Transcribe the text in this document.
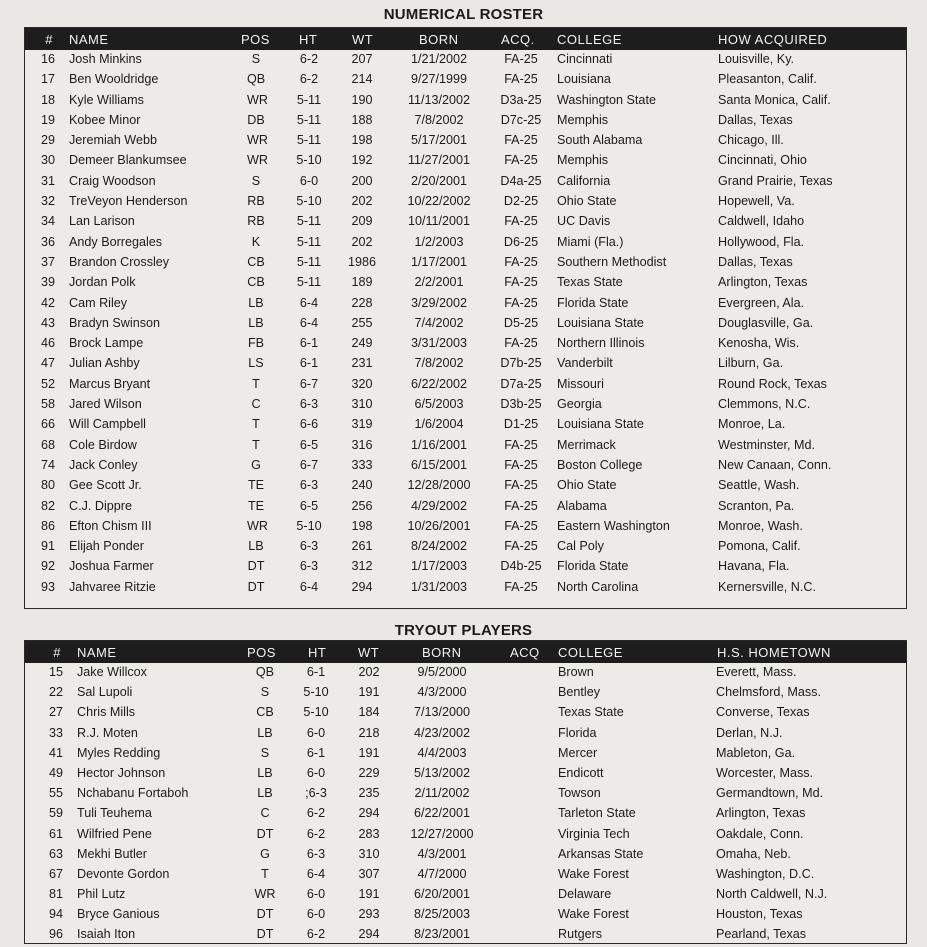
NUMERICAL ROSTER
# NAME	POS HT	WT	BORN	ACQ. COLLEGE	HOW ACQUIRED
16 Josh Minkins	S	6-2	207	1/21/2002	FA-25	Cincinnati	Louisville, Ky.
17 Ben Wooldridge	QB	6-2	214	9/27/1999	FA-25	Louisiana	Pleasanton, Calif.
18 Kyle Williams	WR	5-11	190	11/13/2002	D3a-25	Washington State	Santa Monica, Calif.
19 Kobee Minor	DB	5-11	188	7/8/2002	D7c-25	Memphis	Dallas, Texas
29 Jeremiah Webb	WR	5-11	198	5/17/2001	FA-25	South Alabama	Chicago, Ill.
30 Demeer Blankumsee	WR	5-10	192	11/27/2001	FA-25	Memphis	Cincinnati, Ohio
31 Craig Woodson	S	6-0	200	2/20/2001	D4a-25	California	Grand Prairie, Texas
32 TreVeyon Henderson	RB	5-10	202	10/22/2002	D2-25	Ohio State	Hopewell, Va.
34 Lan Larison	RB	5-11	209	10/11/2001	FA-25	UC Davis	Caldwell, Idaho
36 Andy Borregales	K	5-11	202	1/2/2003	D6-25	Miami (Fla.)	Hollywood, Fla.
37 Brandon Crossley	CB	5-11	1986	1/17/2001	FA-25	Southern Methodist	Dallas, Texas
39 Jordan Polk	CB	5-11	189	2/2/2001	FA-25	Texas State	Arlington, Texas
42 Cam Riley	LB	6-4	228	3/29/2002	FA-25	Florida State	Evergreen, Ala.
43 Bradyn Swinson	LB	6-4	255	7/4/2002	D5-25	Louisiana State	Douglasville, Ga.
46 Brock Lampe	FB	6-1	249	3/31/2003	FA-25	Northern Illinois	Kenosha, Wis.
47 Julian Ashby	LS	6-1	231	7/8/2002	D7b-25	Vanderbilt	Lilburn, Ga.
52 Marcus Bryant	T	6-7	320	6/22/2002	D7a-25	Missouri	Round Rock, Texas
58 Jared Wilson	C	6-3	310	6/5/2003	D3b-25	Georgia	Clemmons, N.C.
66 Will Campbell	T	6-6	319	1/6/2004	D1-25	Louisiana State	Monroe, La.
68 Cole Birdow	T	6-5	316	1/16/2001	FA-25	Merrimack	Westminster, Md.
74 Jack Conley	G	6-7	333	6/15/2001	FA-25	Boston College	New Canaan, Conn.
80 Gee Scott Jr.	TE	6-3	240	12/28/2000	FA-25	Ohio State	Seattle, Wash.
82 C.J. Dippre	TE	6-5	256	4/29/2002	FA-25	Alabama	Scranton, Pa.
86 Efton Chism III	WR	5-10	198	10/26/2001	FA-25	Eastern Washington	Monroe, Wash.
91 Elijah Ponder	LB	6-3	261	8/24/2002	FA-25	Cal Poly	Pomona, Calif.
92 Joshua Farmer	DT	6-3	312	1/17/2003	D4b-25	Florida State	Havana, Fla.
93 Jahvaree Ritzie	DT	6-4	294	1/31/2003	FA-25	North Carolina	Kernersville, N.C.
TRYOUT PLAYERS
# NAME	POS HT WT	BORN	ACQ COLLEGE	H.S. HOMETOWN
15 Jake Willcox	QB	6-1	202	9/5/2000	Brown	Everett, Mass.
22 Sal Lupoli	S	5-10	191	4/3/2000	Bentley	Chelmsford, Mass.
27 Chris Mills	CB	5-10	184	7/13/2000	Texas State	Converse, Texas
33 R.J. Moten	LB	6-0	218	4/23/2002	Florida	Derlan, N.J.
41 Myles Redding	S	6-1	191	4/4/2003	Mercer	Mableton, Ga.
49 Hector Johnson	LB	6-0	229	5/13/2002	Endicott	Worcester, Mass.
55 Nchabanu Fortaboh	LB	;6-3	235	2/11/2002	Towson	Germandtown, Md.
59 Tuli Teuhema	C	6-2	294	6/22/2001	Tarleton State	Arlington, Texas
61 Wilfried Pene	DT	6-2	283	12/27/2000	Virginia Tech	Oakdale, Conn.
63 Mekhi Butler	G	6-3	310	4/3/2001	Arkansas State	Omaha, Neb.
67 Devonte Gordon	T	6-4	307	4/7/2000	Wake Forest	Washington, D.C.
81 Phil Lutz	WR	6-0	191	6/20/2001	Delaware	North Caldwell, N.J.
94 Bryce Ganious	DT	6-0	293	8/25/2003	Wake Forest	Houston, Texas
96 Isaiah Iton	DT	6-2	294	8/23/2001	Rutgers	Pearland, Texas
